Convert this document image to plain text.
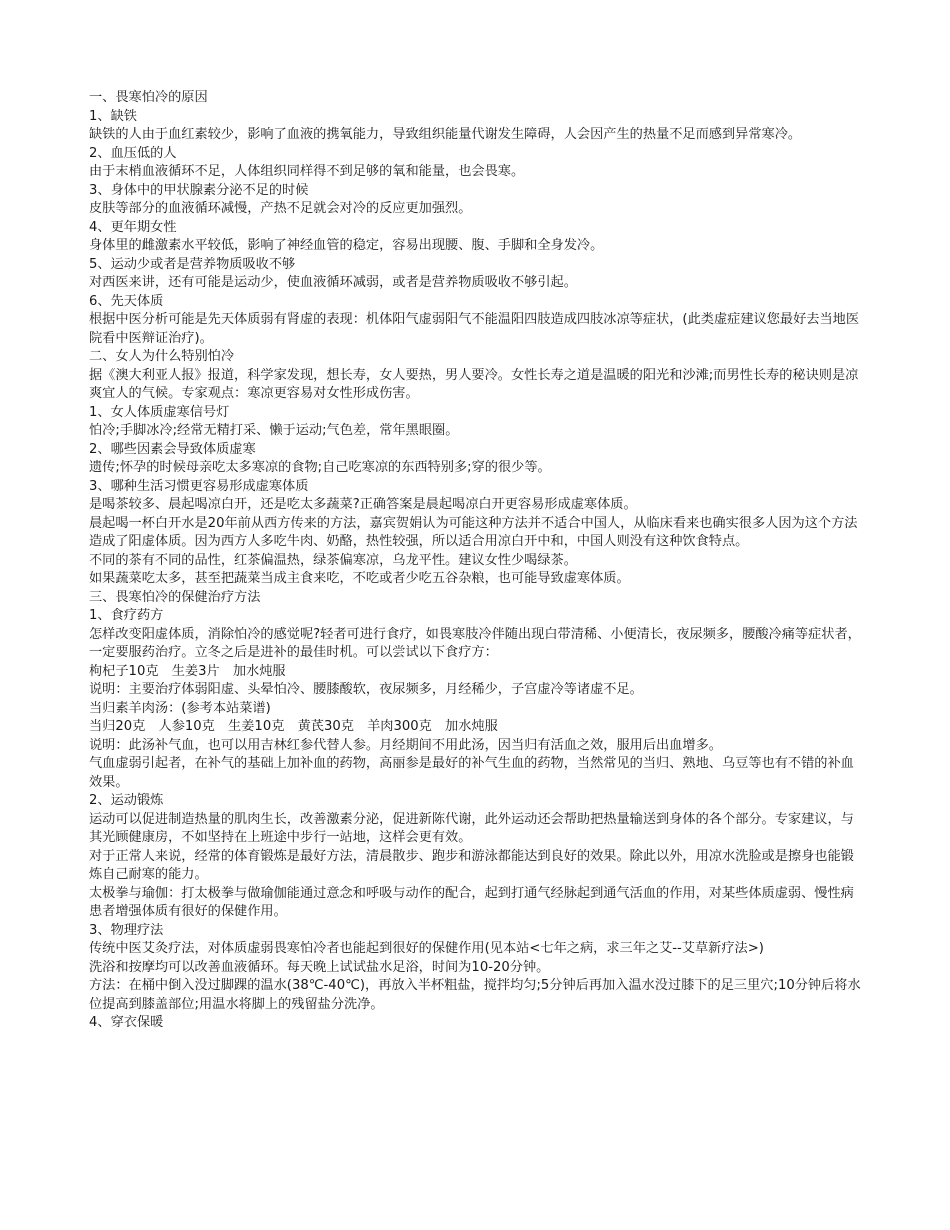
一、畏寒怕冷的原因
1、缺铁

缺铁的人由于血红素较少，影响了血液的携氧能力，导致组织能量代谢发生障碍，人会因产生的热量不足而感到异常寒冷。

2、血压低的人

由于末梢血液循环不足，人体组织同样得不到足够的氧和能量，也会畏寒。

3、身体中的甲状腺素分泌不足的时候

皮肤等部分的血液循环减慢，产热不足就会对冷的反应更加强烈。

4、更年期女性

身体里的雌激素水平较低，影响了神经血管的稳定，容易出现腰、腹、手脚和全身发冷。

5、运动少或者是营养物质吸收不够

对西医来讲，还有可能是运动少，使血液循环减弱，或者是营养物质吸收不够引起。

6、先天体质

根据中医分析可能是先天体质弱有肾虚的表现：机体阳气虚弱阳气不能温阳四肢造成四肢冰凉等症状，(此类虚症建议您最好去当地医院看中医辩证治疗)。

二、女人为什么特别怕冷

据《澳大利亚人报》报道，科学家发现，想长寿，女人要热，男人要冷。女性长寿之道是温暖的阳光和沙滩;而男性长寿的秘诀则是凉爽宜人的气候。专家观点：寒凉更容易对女性形成伤害。

1、女人体质虚寒信号灯

怕冷;手脚冰冷;经常无精打采、懒于运动;气色差，常年黑眼圈。

2、哪些因素会导致体质虚寒

遗传;怀孕的时候母亲吃太多寒凉的食物;自己吃寒凉的东西特别多;穿的很少等。

3、哪种生活习惯更容易形成虚寒体质

是喝茶较多、晨起喝凉白开，还是吃太多蔬菜?正确答案是晨起喝凉白开更容易形成虚寒体质。

晨起喝一杯白开水是20年前从西方传来的方法，嘉宾贺娟认为可能这种方法并不适合中国人，从临床看来也确实很多人因为这个方法造成了阳虚体质。因为西方人多吃牛肉、奶酪，热性较强，所以适合用凉白开中和，中国人则没有这种饮食特点。

不同的茶有不同的品性，红茶偏温热，绿茶偏寒凉，乌龙平性。建议女性少喝绿茶。

如果蔬菜吃太多，甚至把蔬菜当成主食来吃，不吃或者少吃五谷杂粮，也可能导致虚寒体质。

三、畏寒怕冷的保健治疗方法
1、食疗药方

怎样改变阳虚体质，消除怕冷的感觉呢?轻者可进行食疗，如畏寒肢冷伴随出现白带清稀、小便清长，夜尿频多，腰酸冷痛等症状者，一定要服药治疗。立冬之后是进补的最佳时机。可以尝试以下食疗方：

枸杞子10克　生姜3片　加水炖服

说明：主要治疗体弱阳虚、头晕怕冷、腰膝酸软，夜尿频多，月经稀少，子宫虚冷等诸虚不足。

当归素羊肉汤：(参考本站菜谱)

当归20克　人参10克　生姜10克　黄芪30克　羊肉300克　加水炖服

说明：此汤补气血，也可以用吉林红参代替人参。月经期间不用此汤，因当归有活血之效，服用后出血增多。

气血虚弱引起者，在补气的基础上加补血的药物，高丽参是最好的补气生血的药物，当然常见的当归、熟地、乌豆等也有不错的补血效果。

2、运动锻炼

运动可以促进制造热量的肌肉生长，改善激素分泌，促进新陈代谢，此外运动还会帮助把热量输送到身体的各个部分。专家建议，与其光顾健康房，不如坚持在上班途中步行一站地，这样会更有效。

对于正常人来说，经常的体育锻炼是最好方法，清晨散步、跑步和游泳都能达到良好的效果。除此以外，用凉水洗脸或是擦身也能锻炼自己耐寒的能力。

太极拳与瑜伽：打太极拳与做瑜伽能通过意念和呼吸与动作的配合，起到打通气经脉起到通气活血的作用，对某些体质虚弱、慢性病患者增强体质有很好的保健作用。

3、物理疗法

传统中医艾灸疗法，对体质虚弱畏寒怕冷者也能起到很好的保健作用(见本站<七年之病，求三年之艾--艾草新疗法>)

洗浴和按摩均可以改善血液循环。每天晚上试试盐水足浴，时间为10-20分钟。

方法：在桶中倒入没过脚踝的温水(38℃-40℃)，再放入半杯粗盐，搅拌均匀;5分钟后再加入温水没过膝下的足三里穴;10分钟后将水位提高到膝盖部位;用温水将脚上的残留盐分洗净。

4、穿衣保暖
